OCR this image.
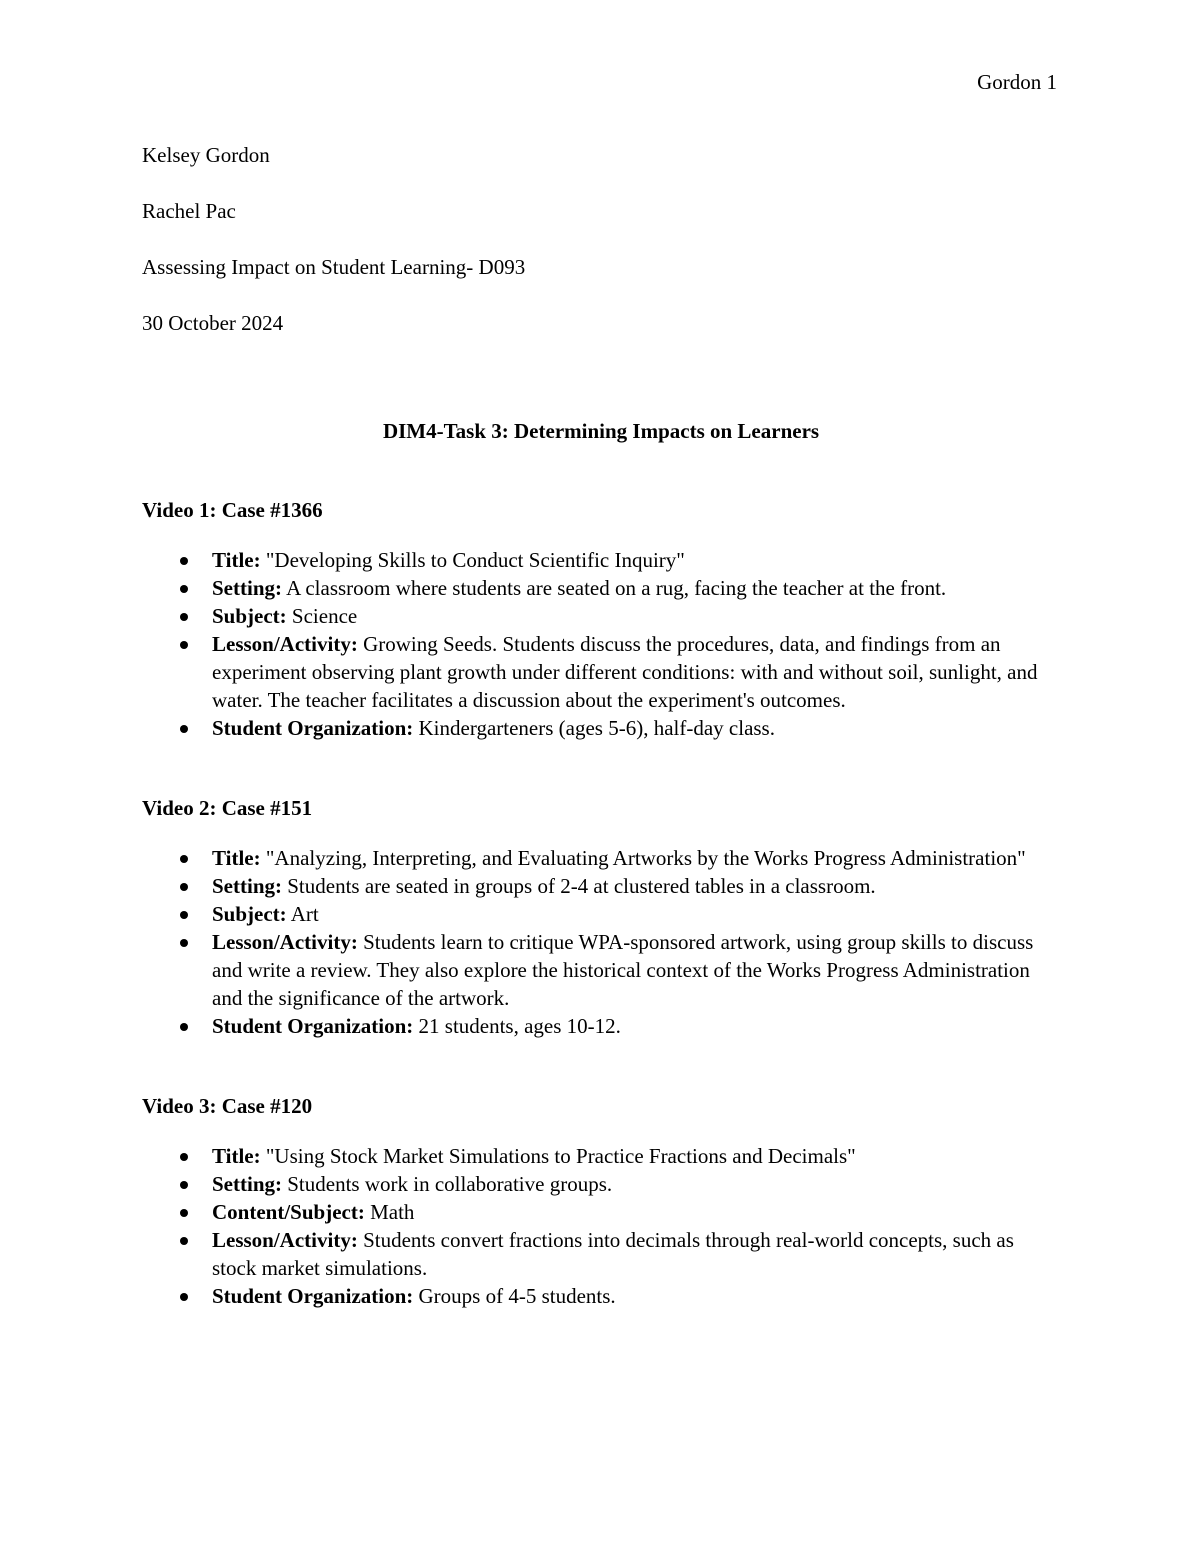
Gordon 1
Kelsey Gordon
Rachel Pac
Assessing Impact on Student Learning- D093
30 October 2024
DIM4-Task 3: Determining Impacts on Learners
Video 1: Case #1366
Title: "Developing Skills to Conduct Scientific Inquiry"
Setting: A classroom where students are seated on a rug, facing the teacher at the front.
Subject: Science
Lesson/Activity: Growing Seeds. Students discuss the procedures, data, and findings from an experiment observing plant growth under different conditions: with and without soil, sunlight, and water. The teacher facilitates a discussion about the experiment's outcomes.
Student Organization: Kindergarteners (ages 5-6), half-day class.
Video 2: Case #151
Title: "Analyzing, Interpreting, and Evaluating Artworks by the Works Progress Administration"
Setting: Students are seated in groups of 2-4 at clustered tables in a classroom.
Subject: Art
Lesson/Activity: Students learn to critique WPA-sponsored artwork, using group skills to discuss and write a review. They also explore the historical context of the Works Progress Administration and the significance of the artwork.
Student Organization: 21 students, ages 10-12.
Video 3: Case #120
Title: "Using Stock Market Simulations to Practice Fractions and Decimals"
Setting: Students work in collaborative groups.
Content/Subject: Math
Lesson/Activity: Students convert fractions into decimals through real-world concepts, such as stock market simulations.
Student Organization: Groups of 4-5 students.
